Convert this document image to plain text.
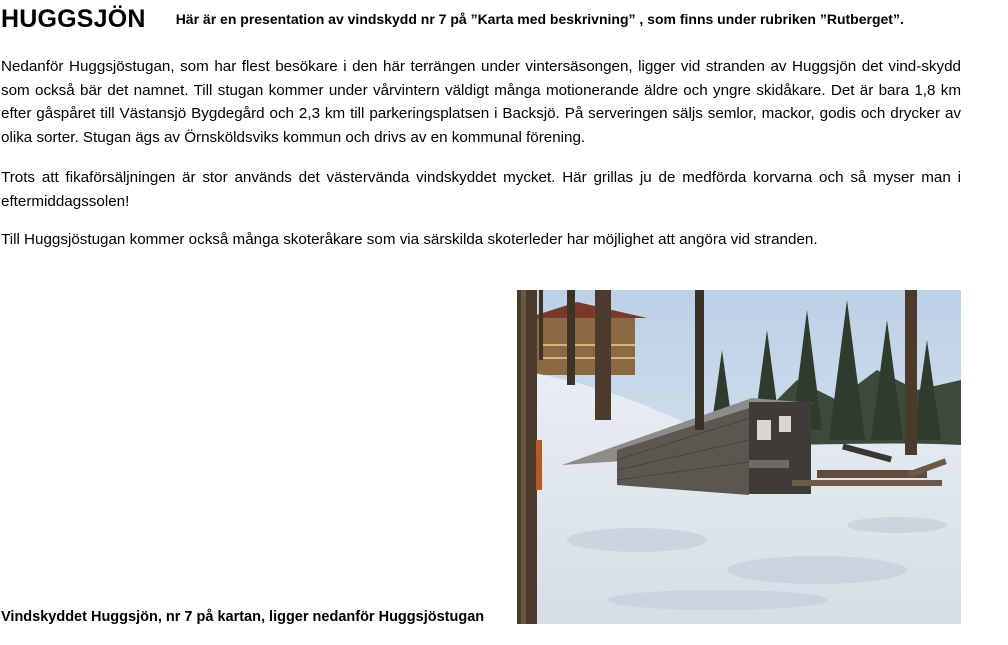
HUGGSJÖN Här är en presentation av vindskydd nr 7 på ”Karta med beskrivning” , som finns under rubriken ”Rutberget”.

Nedanför Huggsjöstugan, som har flest besökare i den här terrängen under vintersäsongen, ligger vid stranden av Huggsjön det vind-skydd som också bär det namnet. Till stugan kommer under vårvintern väldigt många motionerande äldre och yngre skidåkare. Det är bara 1,8 km efter gåspåret till Västansjö Bygdegård och 2,3 km till parkeringsplatsen i Backsjö. På serveringen säljs semlor, mackor, godis och drycker av olika sorter. Stugan ägs av Örnsköldsviks kommun och drivs av en kommunal förening.

Trots att fikaförsäljningen är stor används det västervända vindskyddet mycket. Här grillas ju de medförda korvarna och så myser man i eftermiddagssolen!

Till Huggsjöstugan kommer också många skoteråkare som via särskilda skoterleder har möjlighet att angöra vid stranden.

Vindskyddet Huggsjön, nr 7 på kartan, ligger nedanför Huggsjöstugan
